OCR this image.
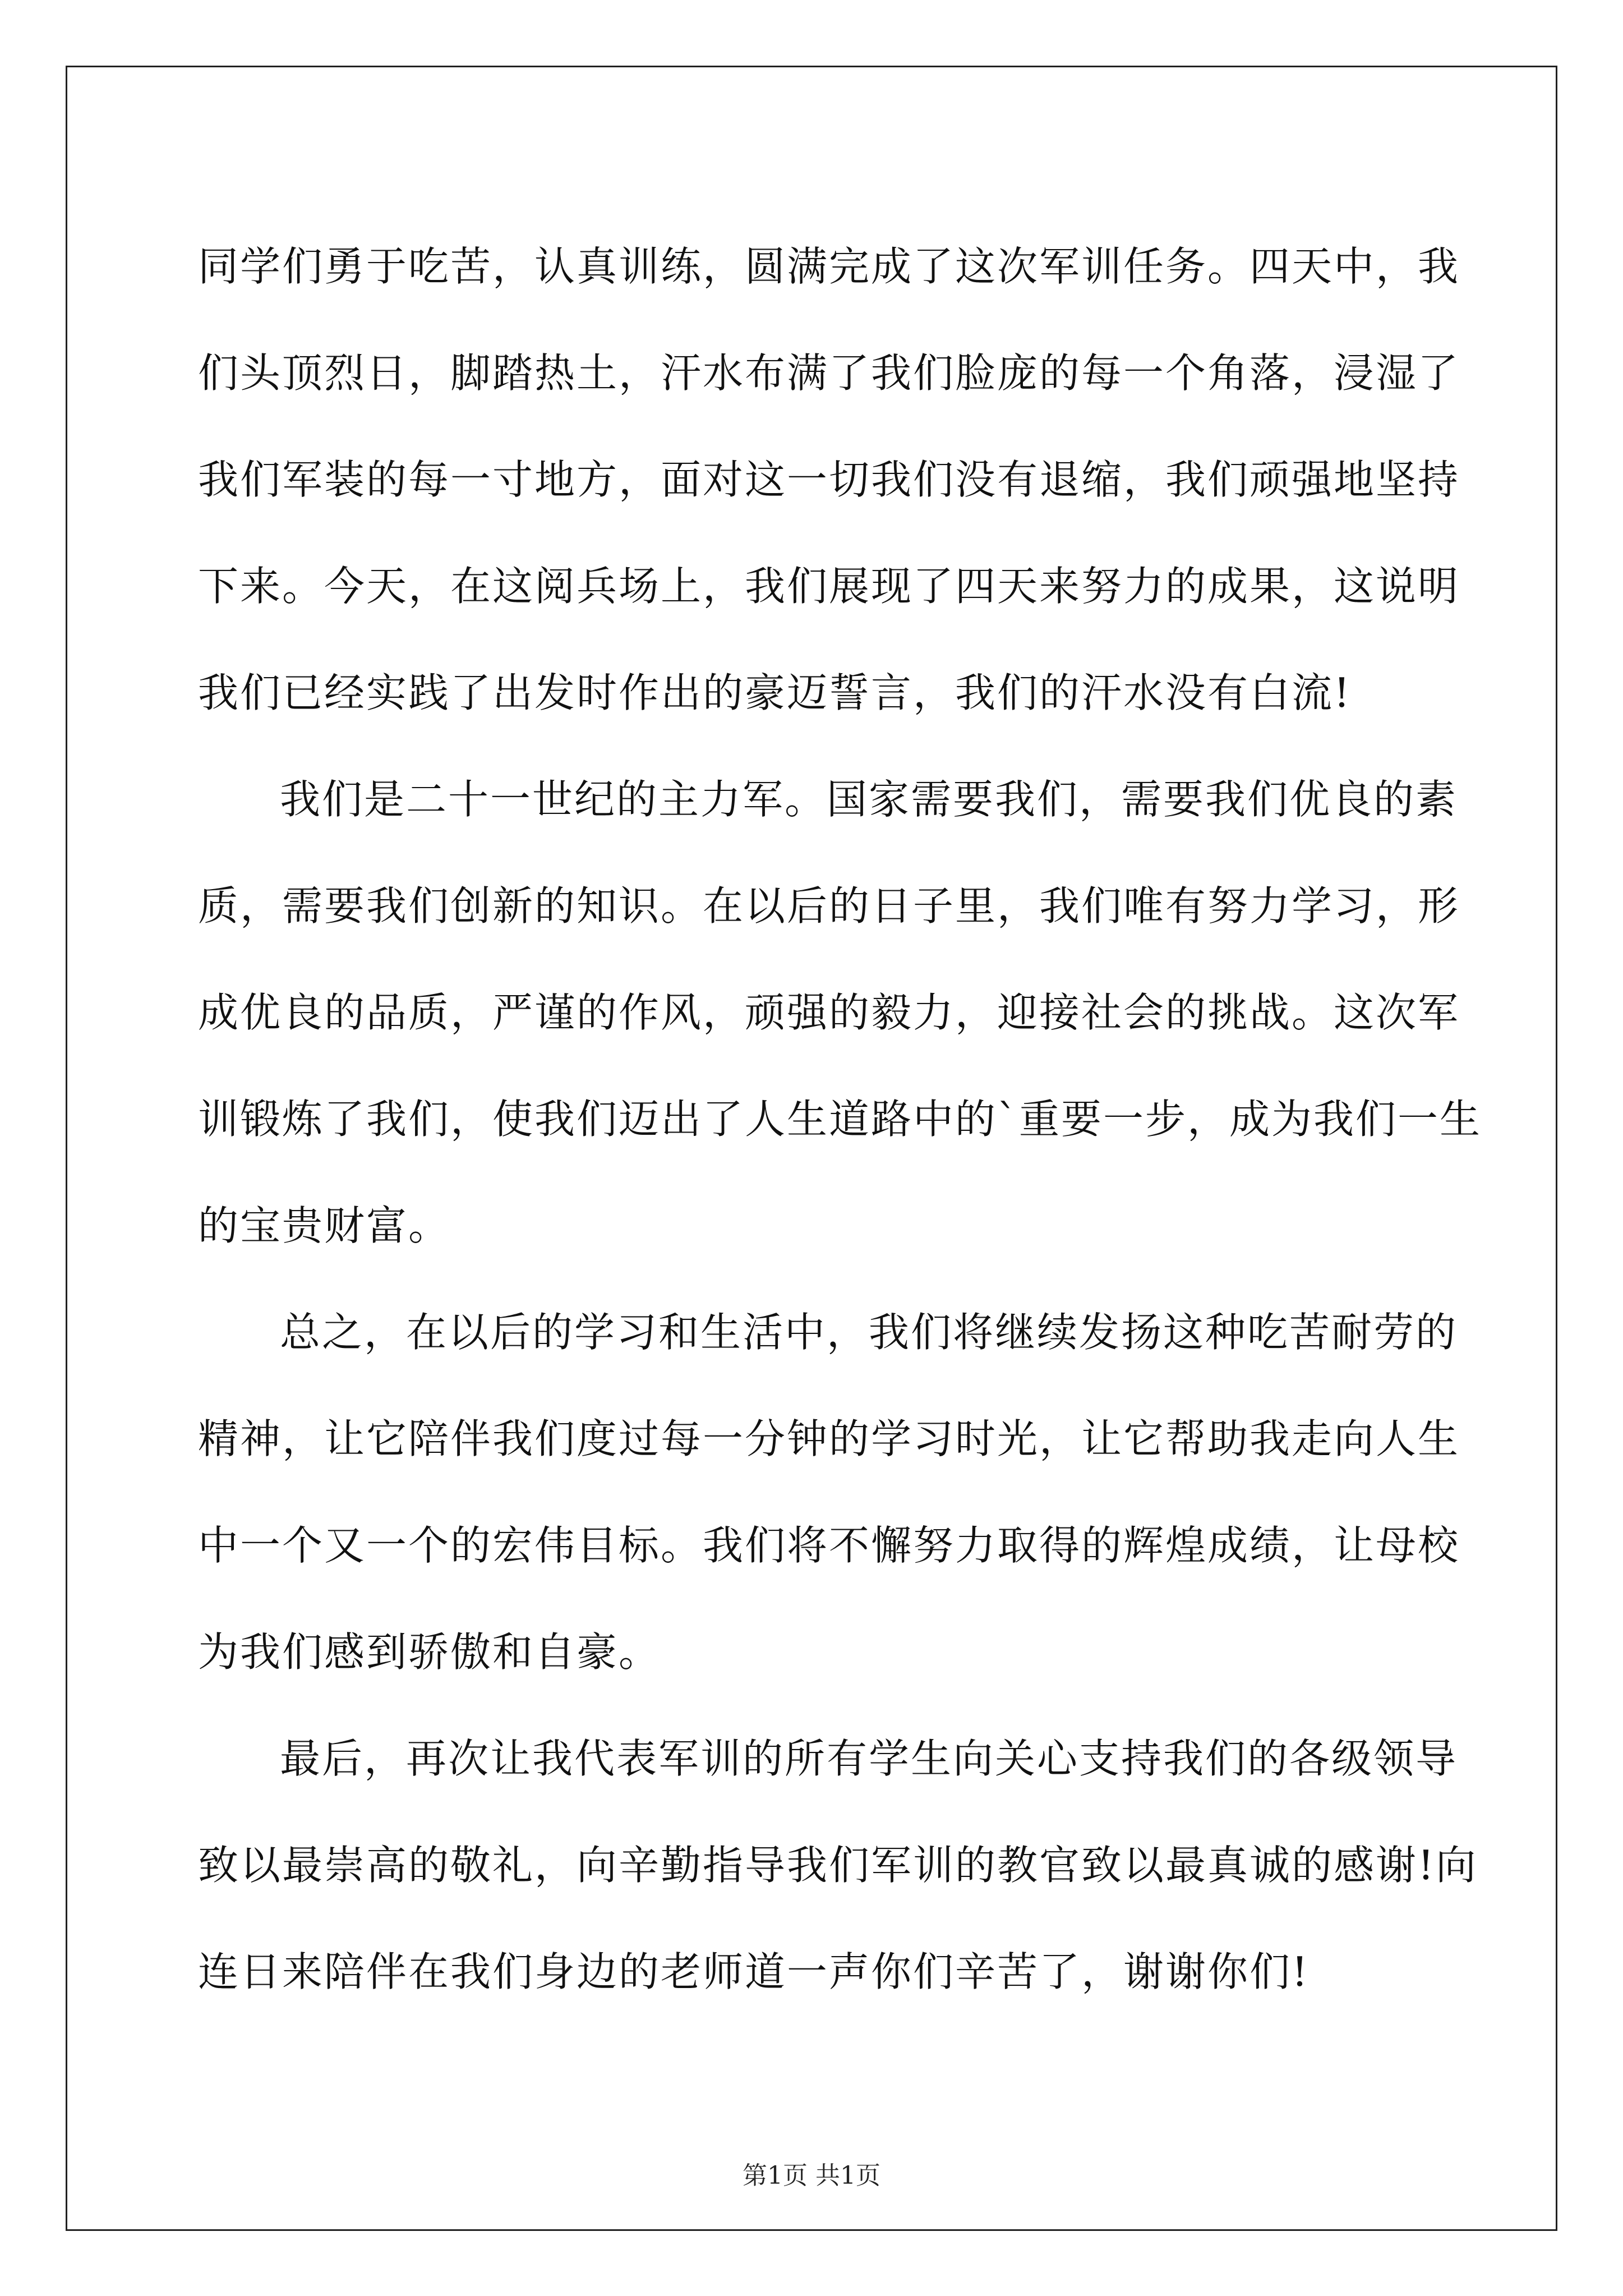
同学们勇于吃苦，认真训练，圆满完成了这次军训任务。四天中，我
们头顶烈日，脚踏热土，汗水布满了我们脸庞的每一个角落，浸湿了
我们军装的每一寸地方，面对这一切我们没有退缩，我们顽强地坚持
下来。今天，在这阅兵场上，我们展现了四天来努力的成果，这说明
我们已经实践了出发时作出的豪迈誓言，我们的汗水没有白流!
我们是二十一世纪的主力军。国家需要我们，需要我们优良的素
质，需要我们创新的知识。在以后的日子里，我们唯有努力学习，形
成优良的品质，严谨的作风，顽强的毅力，迎接社会的挑战。这次军
训锻炼了我们，使我们迈出了人生道路中的`重要一步，成为我们一生
的宝贵财富。
总之，在以后的学习和生活中，我们将继续发扬这种吃苦耐劳的
精神，让它陪伴我们度过每一分钟的学习时光，让它帮助我走向人生
中一个又一个的宏伟目标。我们将不懈努力取得的辉煌成绩，让母校
为我们感到骄傲和自豪。
最后，再次让我代表军训的所有学生向关心支持我们的各级领导
致以最崇高的敬礼，向辛勤指导我们军训的教官致以最真诚的感谢!向
连日来陪伴在我们身边的老师道一声你们辛苦了，谢谢你们!
第1页 共1页
